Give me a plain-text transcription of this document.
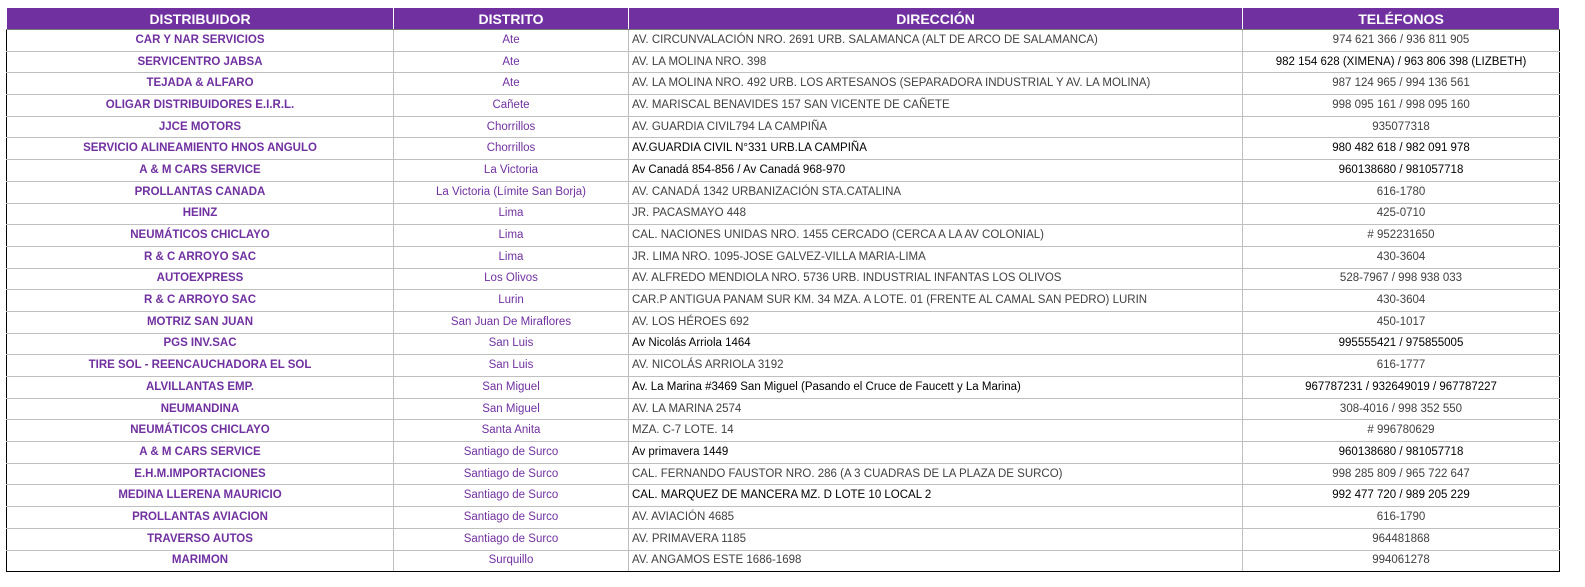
DISTRIBUIDOR	DISTRITO	DIRECCIÓN	TELÉFONOS
CAR Y NAR SERVICIOS	Ate	AV. CIRCUNVALACIÓN NRO. 2691 URB. SALAMANCA (ALT DE ARCO DE SALAMANCA)	974 621 366 / 936 811 905
SERVICENTRO JABSA	Ate	AV. LA MOLINA NRO. 398	982 154 628 (XIMENA) / 963 806 398 (LIZBETH)
TEJADA & ALFARO	Ate	AV. LA MOLINA NRO. 492 URB. LOS ARTESANOS (SEPARADORA INDUSTRIAL Y AV. LA MOLINA)	987 124 965 / 994 136 561
OLIGAR DISTRIBUIDORES E.I.R.L.	Cañete	AV. MARISCAL BENAVIDES 157 SAN VICENTE DE CAÑETE	998 095 161 / 998 095 160
JJCE MOTORS	Chorrillos	AV. GUARDIA CIVIL794 LA CAMPIÑA	935077318
SERVICIO ALINEAMIENTO HNOS ANGULO	Chorrillos	AV.GUARDIA CIVIL N°331 URB.LA CAMPIÑA	980 482 618 / 982 091 978
A & M CARS SERVICE	La Victoria	Av Canadá 854-856 / Av Canadá 968-970	960138680 / 981057718
PROLLANTAS CANADA	La Victoria (Límite San Borja)	AV. CANADÁ 1342 URBANIZACIÓN STA.CATALINA	616-1780
HEINZ	Lima	JR. PACASMAYO 448	425-0710
NEUMÁTICOS CHICLAYO	Lima	CAL. NACIONES UNIDAS NRO. 1455 CERCADO (CERCA A LA AV COLONIAL)	# 952231650
R & C ARROYO SAC	Lima	JR. LIMA NRO. 1095-JOSE GALVEZ-VILLA MARIA-LIMA	430-3604
AUTOEXPRESS	Los Olivos	AV. ALFREDO MENDIOLA NRO. 5736 URB. INDUSTRIAL INFANTAS LOS OLIVOS	528-7967 / 998 938 033
R & C ARROYO SAC	Lurin	CAR.P ANTIGUA PANAM SUR KM. 34 MZA. A LOTE. 01 (FRENTE AL CAMAL SAN PEDRO) LURIN	430-3604
MOTRIZ SAN JUAN	San Juan De Miraflores	AV. LOS HÉROES 692	450-1017
PGS INV.SAC	San Luis	Av Nicolás Arriola 1464	995555421 / 975855005
TIRE SOL - REENCAUCHADORA EL SOL	San Luis	AV. NICOLÁS ARRIOLA 3192	616-1777
ALVILLANTAS EMP.	San Miguel	Av. La Marina #3469 San Miguel (Pasando el Cruce de Faucett y La Marina)	967787231 / 932649019 / 967787227
NEUMANDINA	San Miguel	AV. LA MARINA 2574	308-4016 / 998 352 550
NEUMÁTICOS CHICLAYO	Santa Anita	MZA. C-7 LOTE. 14	# 996780629
A & M CARS SERVICE	Santiago de Surco	Av primavera 1449	960138680 / 981057718
E.H.M.IMPORTACIONES	Santiago de Surco	CAL. FERNANDO FAUSTOR NRO. 286 (A 3 CUADRAS DE LA PLAZA DE SURCO)	998 285 809 / 965 722 647
MEDINA LLERENA MAURICIO	Santiago de Surco	CAL. MARQUEZ DE MANCERA MZ. D LOTE 10 LOCAL 2	992 477 720 / 989 205 229
PROLLANTAS AVIACION	Santiago de Surco	AV. AVIACIÓN 4685	616-1790
TRAVERSO AUTOS	Santiago de Surco	AV. PRIMAVERA 1185	964481868
MARIMON	Surquillo	AV. ANGAMOS ESTE 1686-1698	994061278
